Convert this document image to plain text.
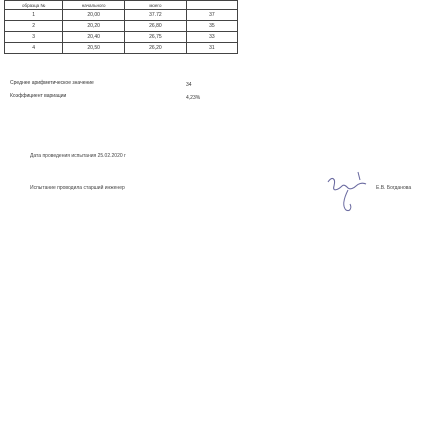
образца №	начального	моего	
1	20,00	37.72	37
2	20,20	26,80	35
3	20,40	26,75	33
4	20,50	26,20	31
Среднее арифметическое значение	34
Коэффициент вариации	4,23%
Дата проведения испытания 25.02.2020 г
Испытание проводила старший инженер	Е.В. Богданова
